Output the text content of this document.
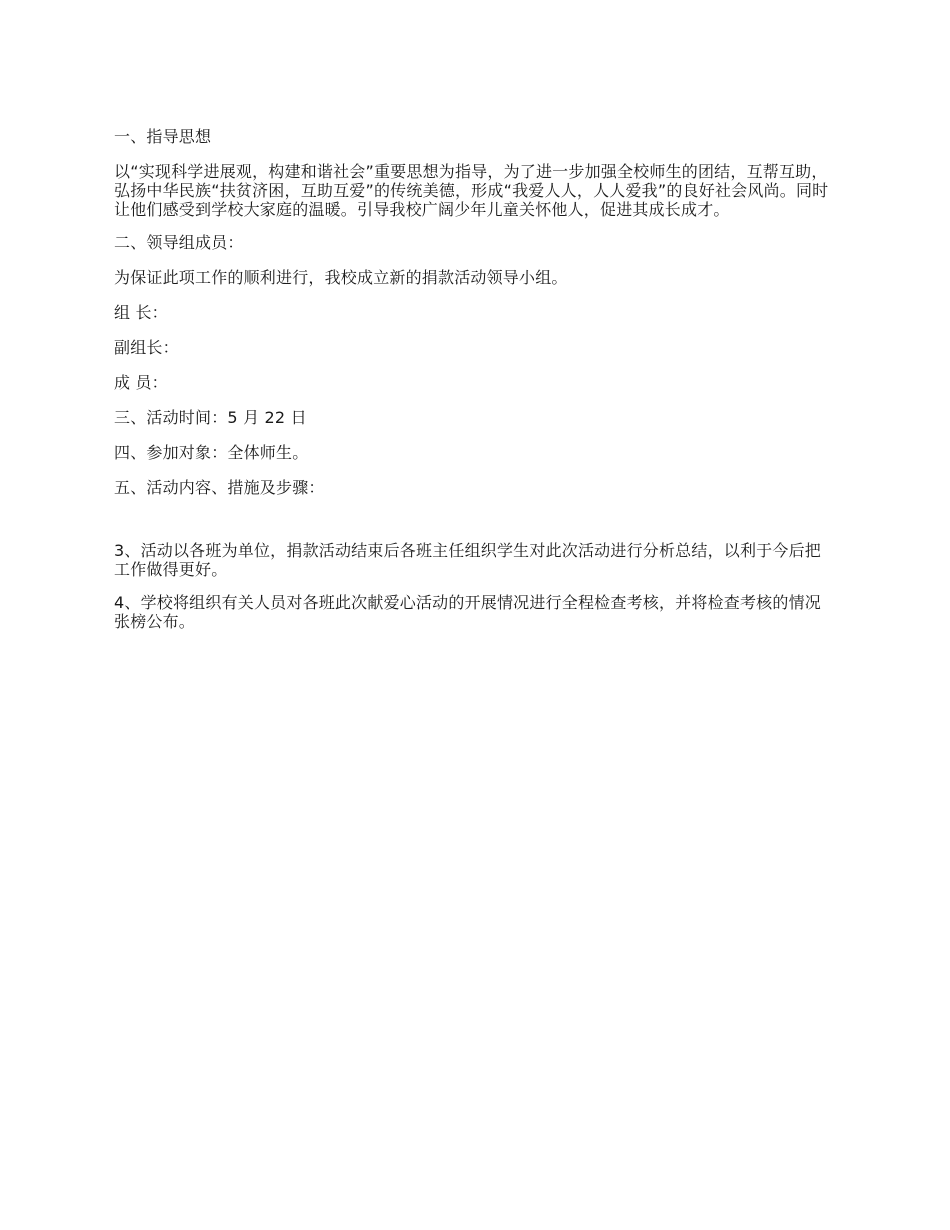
一、指导思想

以“实现科学进展观，构建和谐社会”重要思想为指导，为了进一步加强全校师生的团结，互帮互助，弘扬中华民族“扶贫济困，互助互爱”的传统美德，形成“我爱人人，人人爱我”的良好社会风尚。同时让他们感受到学校大家庭的温暖。引导我校广阔少年儿童关怀他人，促进其成长成才。

二、领导组成员：

为保证此项工作的顺利进行，我校成立新的捐款活动领导小组。

组 长：

副组长：

成 员：

三、活动时间：5 月 22 日

四、参加对象：全体师生。

五、活动内容、措施及步骤：

3、活动以各班为单位，捐款活动结束后各班主任组织学生对此次活动进行分析总结，以利于今后把工作做得更好。

4、学校将组织有关人员对各班此次献爱心活动的开展情况进行全程检查考核，并将检查考核的情况张榜公布。
